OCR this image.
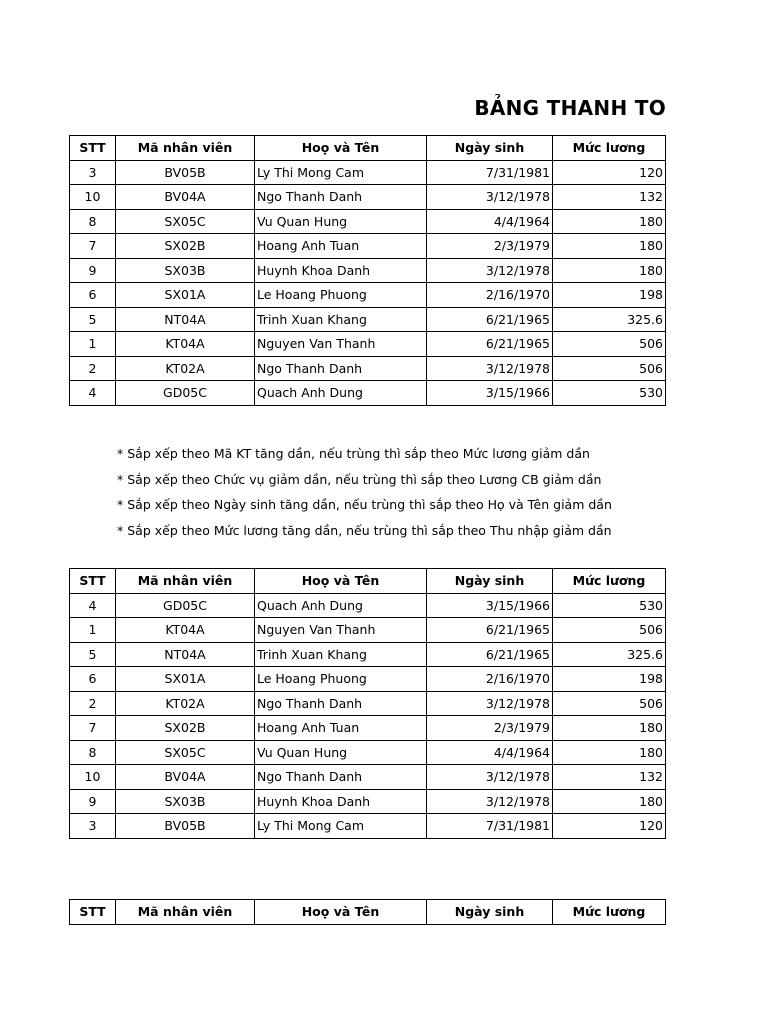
BẢNG THANH TO
STT	Mã nhân viên	Hoọ và Tên	Ngày sinh	Mức lương
3	BV05B	Ly Thi Mong Cam	7/31/1981	120
10	BV04A	Ngo Thanh Danh	3/12/1978	132
8	SX05C	Vu Quan Hung	4/4/1964	180
7	SX02B	Hoang Anh Tuan	2/3/1979	180
9	SX03B	Huynh Khoa Danh	3/12/1978	180
6	SX01A	Le Hoang Phuong	2/16/1970	198
5	NT04A	Trinh Xuan Khang	6/21/1965	325.6
1	KT04A	Nguyen Van Thanh	6/21/1965	506
2	KT02A	Ngo Thanh Danh	3/12/1978	506
4	GD05C	Quach Anh Dung	3/15/1966	530
* Sắp xếp theo Mã KT tăng dần, nếu trùng thì sắp theo Mức lương giảm dần
* Sắp xếp theo Chức vụ giảm dần, nếu trùng thì sắp theo Lương CB giảm dần
* Sắp xếp theo Ngày sinh tăng dần, nếu trùng thì sắp theo Họ và Tên giảm dần
* Sắp xếp theo Mức lương tăng dần, nếu trùng thì sắp theo Thu nhập giảm dần
STT	Mã nhân viên	Hoọ và Tên	Ngày sinh	Mức lương
4	GD05C	Quach Anh Dung	3/15/1966	530
1	KT04A	Nguyen Van Thanh	6/21/1965	506
5	NT04A	Trinh Xuan Khang	6/21/1965	325.6
6	SX01A	Le Hoang Phuong	2/16/1970	198
2	KT02A	Ngo Thanh Danh	3/12/1978	506
7	SX02B	Hoang Anh Tuan	2/3/1979	180
8	SX05C	Vu Quan Hung	4/4/1964	180
10	BV04A	Ngo Thanh Danh	3/12/1978	132
9	SX03B	Huynh Khoa Danh	3/12/1978	180
3	BV05B	Ly Thi Mong Cam	7/31/1981	120
STT	Mã nhân viên	Hoọ và Tên	Ngày sinh	Mức lương
